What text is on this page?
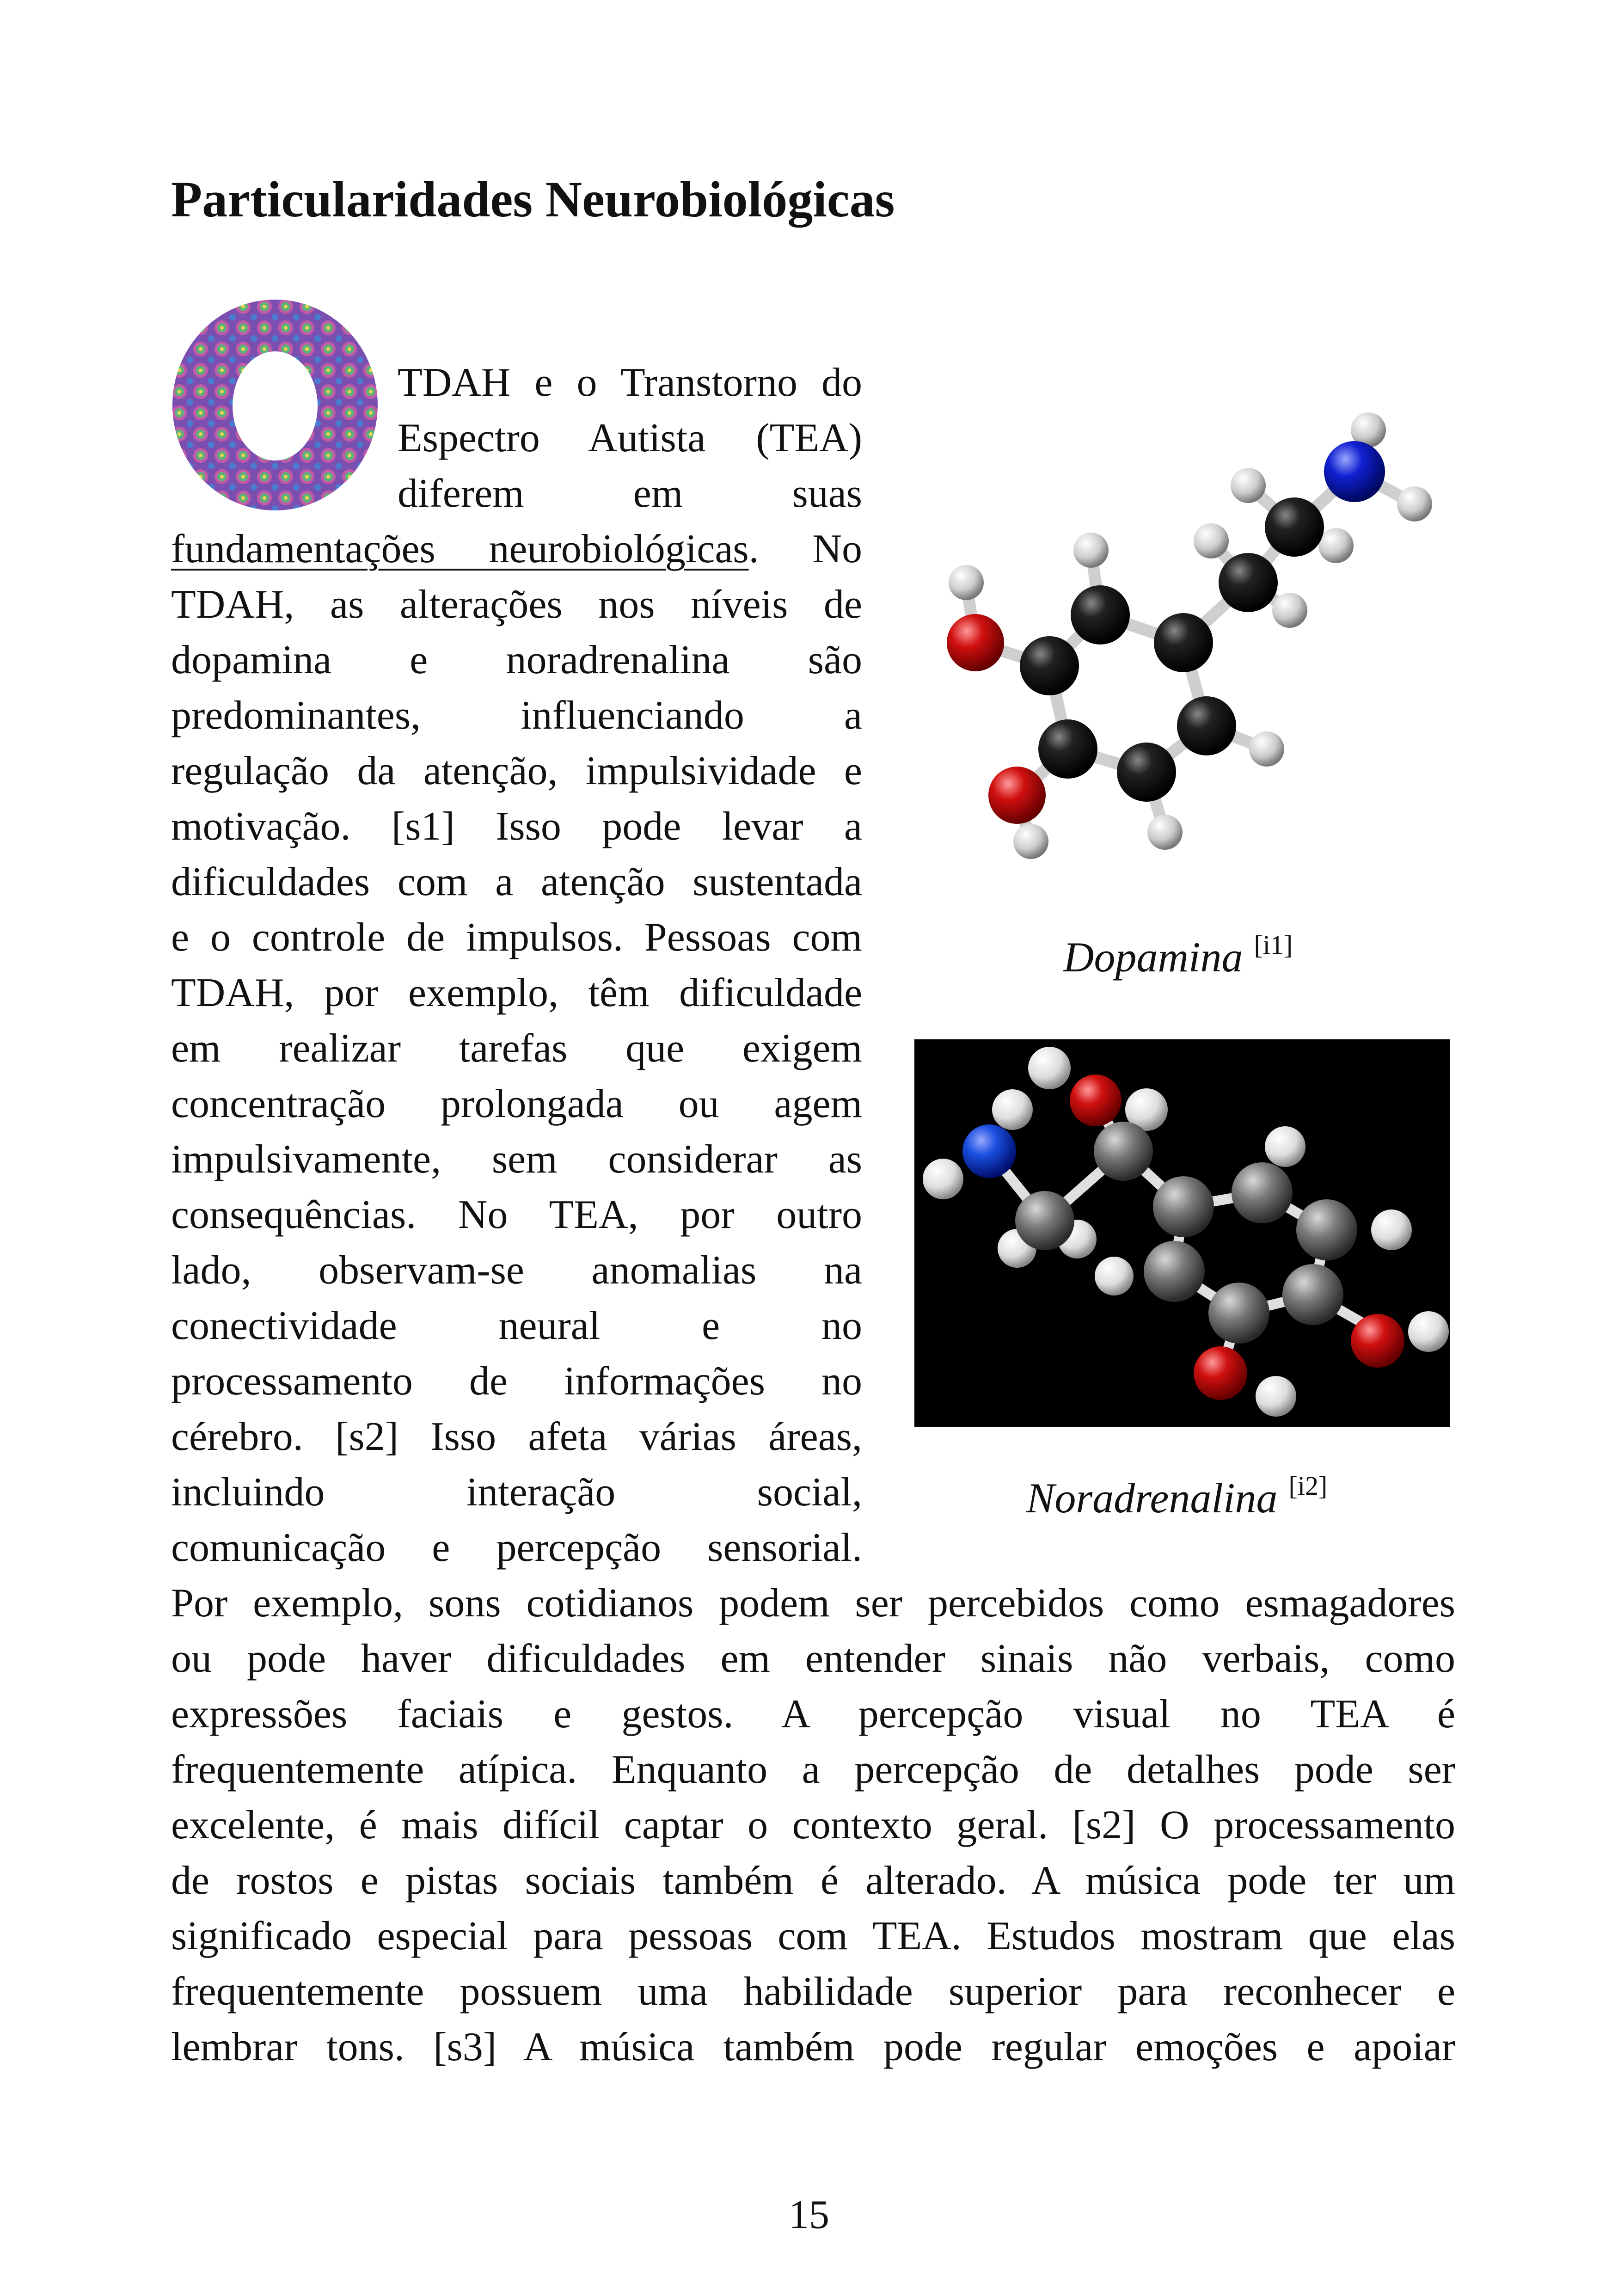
Particularidades Neurobiológicas
TDAH e o Transtorno do
Espectro Autista (TEA)
diferem em suas
fundamentações neurobiológicas. No
TDAH, as alterações nos níveis de
dopamina e noradrenalina são
predominantes, influenciando a
regulação da atenção, impulsividade e
motivação. [s1] Isso pode levar a
dificuldades com a atenção sustentada
e o controle de impulsos. Pessoas com
TDAH, por exemplo, têm dificuldade
em realizar tarefas que exigem
concentração prolongada ou agem
impulsivamente, sem considerar as
consequências. No TEA, por outro
lado, observam-se anomalias na
conectividade neural e no
processamento de informações no
cérebro. [s2] Isso afeta várias áreas,
incluindo interação social,
comunicação e percepção sensorial.
Por exemplo, sons cotidianos podem ser percebidos como esmagadores
ou pode haver dificuldades em entender sinais não verbais, como
expressões faciais e gestos. A percepção visual no TEA é
frequentemente atípica. Enquanto a percepção de detalhes pode ser
excelente, é mais difícil captar o contexto geral. [s2] O processamento
de rostos e pistas sociais também é alterado. A música pode ter um
significado especial para pessoas com TEA. Estudos mostram que elas
frequentemente possuem uma habilidade superior para reconhecer e
lembrar tons. [s3] A música também pode regular emoções e apoiar
Dopamina [i1]
Noradrenalina [i2]
15
